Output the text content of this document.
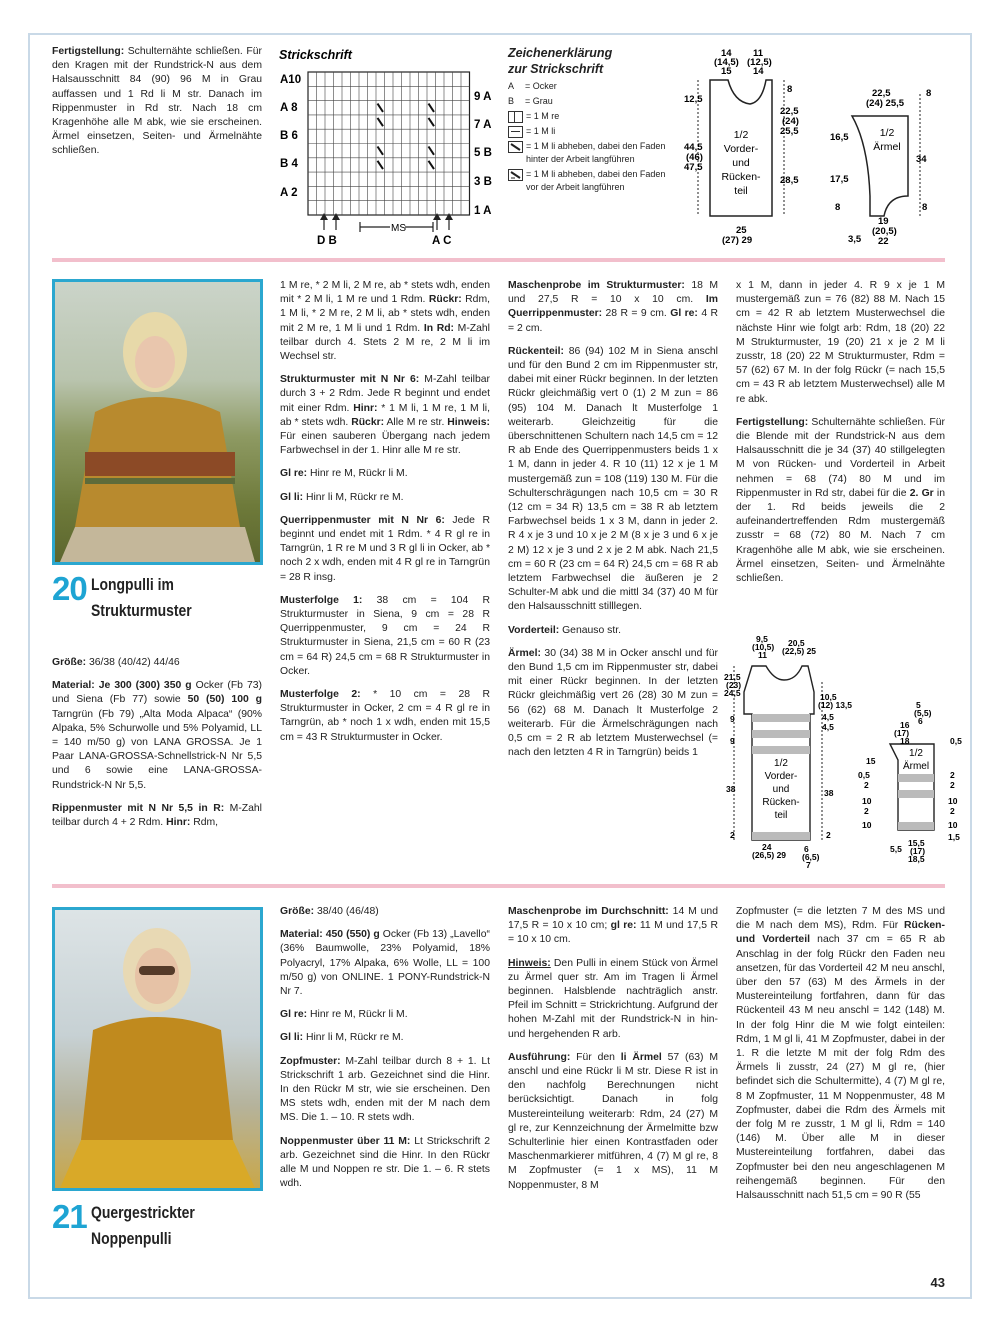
Fertigstellung: Schulternähte schließen. Für den Kragen mit der Rundstrick-N aus dem Halsausschnitt 84 (90) 96 M in Grau auffassen und 1 Rd li M str. Danach im Rippenmuster in Rd str. Nach 18 cm Kragenhöhe alle M abk, wie sie erscheinen. Ärmel einsetzen, Seiten- und Ärmelnähte schließen.

Strickschrift
A10
A 8
B 6
B 4
A 2
9 A
7 A
5 B
3 B
1 A
D B
MS
A C
Zeichenerklärung
zur Strickschrift
A	= Ocker
B	= Grau
= 1 M re
= 1 M li
= 1 M li abheben, dabei den Faden hinter der Arbeit langführen
= 1 M li abheben, dabei den Faden vor der Arbeit langführen
14
(14,5)
15
11
(12,5)
14
12,5
44,5
(46)
47,5
8
22,5
(24)
25,5
28,5
1/2
Vorder-
und
Rücken-
teil
25
(27) 29
22,5
(24) 25,5
16,5
17,5
8
3,5
8
34
8
1/2
Ärmel
19
(20,5)
22
20 Longpulli im
Strukturmuster

Größe: 36/38 (40/42) 44/46

Material: Je 300 (300) 350 g Ocker (Fb 73) und Siena (Fb 77) sowie 50 (50) 100 g Tarngrün (Fb 79) „Alta Moda Alpaca“ (90% Alpaka, 5% Schurwolle und 5% Polyamid, LL = 140 m/50 g) von LANA GROSSA. Je 1 Paar LANA-GROSSA-Schnellstrick-N Nr 5,5 und 6 sowie eine LANA-GROSSA-Rundstrick-N Nr 5,5.

Rippenmuster mit N Nr 5,5 in R: M-Zahl teilbar durch 4 + 2 Rdm. Hinr: Rdm,

1 M re, * 2 M li, 2 M re, ab * stets wdh, enden mit * 2 M li, 1 M re und 1 Rdm. Rückr: Rdm, 1 M li, * 2 M re, 2 M li, ab * stets wdh, enden mit 2 M re, 1 M li und 1 Rdm. In Rd: M-Zahl teilbar durch 4. Stets 2 M re, 2 M li im Wechsel str.

Strukturmuster mit N Nr 6: M-Zahl teilbar durch 3 + 2 Rdm. Jede R beginnt und endet mit einer Rdm. Hinr: * 1 M li, 1 M re, 1 M li, ab * stets wdh. Rückr: Alle M re str. Hinweis: Für einen sauberen Übergang nach jedem Farbwechsel in der 1. Hinr alle M re str.

Gl re: Hinr re M, Rückr li M.

Gl li: Hinr li M, Rückr re M.

Querrippenmuster mit N Nr 6: Jede R beginnt und endet mit 1 Rdm. * 4 R gl re in Tarngrün, 1 R re M und 3 R gl li in Ocker, ab * noch 2 x wdh, enden mit 4 R gl re in Tarngrün = 28 R insg.

Musterfolge 1: 38 cm = 104 R Strukturmuster in Siena, 9 cm = 28 R Querrippenmuster, 9 cm = 24 R Strukturmuster in Siena, 21,5 cm = 60 R (23 cm = 64 R) 24,5 cm = 68 R Strukturmuster in Ocker.

Musterfolge 2: * 10 cm = 28 R Strukturmuster in Ocker, 2 cm = 4 R gl re in Tarngrün, ab * noch 1 x wdh, enden mit 15,5 cm = 43 R Strukturmuster in Ocker.

Maschenprobe im Strukturmuster: 18 M und 27,5 R = 10 x 10 cm. Im Querrippenmuster: 28 R = 9 cm. Gl re: 4 R = 2 cm.

Rückenteil: 86 (94) 102 M in Siena anschl und für den Bund 2 cm im Rippenmuster str, dabei mit einer Rückr beginnen. In der letzten Rückr gleichmäßig vert 0 (1) 2 M zun = 86 (95) 104 M. Danach lt Musterfolge 1 weiterarb. Gleichzeitig für die überschnittenen Schultern nach 14,5 cm = 12 R ab Ende des Querrippenmusters beids 1 x 1 M, dann in jeder 4. R 10 (11) 12 x je 1 M mustergemäß zun = 108 (119) 130 M. Für die Schulterschrägungen nach 10,5 cm = 30 R (12 cm = 34 R) 13,5 cm = 38 R ab letztem Farbwechsel beids 1 x 3 M, dann in jeder 2. R 4 x je 3 und 10 x je 2 M (8 x je 3 und 6 x je 2 M) 12 x je 3 und 2 x je 2 M abk. Nach 21,5 cm = 60 R (23 cm = 64 R) 24,5 cm = 68 R ab letztem Farbwechsel die äußeren je 2 Schulter-M abk und die mittl 34 (37) 40 M für den Halsausschnitt stilllegen.

Vorderteil: Genauso str.

Ärmel: 30 (34) 38 M in Ocker anschl und für den Bund 1,5 cm im Rippenmuster str, dabei mit einer Rückr beginnen. In der letzten Rückr gleichmäßig vert 26 (28) 30 M zun = 56 (62) 68 M. Danach lt Musterfolge 2 weiterarb. Für die Ärmelschrägungen nach 0,5 cm = 2 R ab letztem Musterwechsel (= nach den letzten 4 R in Tarngrün) beids 1

x 1 M, dann in jeder 4. R 9 x je 1 M mustergemäß zun = 76 (82) 88 M. Nach 15 cm = 42 R ab letztem Musterwechsel die nächste Hinr wie folgt arb: Rdm, 18 (20) 22 M Strukturmuster, 19 (20) 21 x je 2 M li zusstr, 18 (20) 22 M Strukturmuster, Rdm = 57 (62) 67 M. In der folg Rückr (= nach 15,5 cm = 43 R ab letztem Musterwechsel) alle M re abk.

Fertigstellung: Schulternähte schließen. Für die Blende mit der Rundstrick-N aus dem Halsausschnitt die je 34 (37) 40 stillgelegten M von Rücken- und Vorderteil in Arbeit nehmen = 68 (74) 80 M und im Rippenmuster in Rd str, dabei für die 2. Gr in der 1. Rd beids jeweils die 2 aufeinandertreffenden Rdm mustergemäß zusstr = 68 (72) 80 M. Nach 7 cm Kragenhöhe alle M abk, wie sie erscheinen. Ärmel einsetzen, Seiten- und Ärmelnähte schließen.

9,5
(10,5)
11
20,5
(22,5) 25
21,5
(23)
24,5
9
9
38
2
10,5
(12) 13,5
4,5
4,5
38
2
1/2
Vorder-
und
Rücken-
teil
24
(26,5) 29
6
(6,5)
7
5
(5,5)
6
16
(17)
18
1/2
Ärmel
15
0,5
2
10
2
10
5,5
0,5
2
2
10
2
10
1,5
15,5
(17)
18,5
21 Quergestrickter
Noppenpulli

Größe: 38/40 (46/48)

Material: 450 (550) g Ocker (Fb 13) „Lavello“ (36% Baumwolle, 23% Polyamid, 18% Polyacryl, 17% Alpaka, 6% Wolle, LL = 100 m/50 g) von ONLINE. 1 PONY-Rundstrick-N Nr 7.

Gl re: Hinr re M, Rückr li M.

Gl li: Hinr li M, Rückr re M.

Zopfmuster: M-Zahl teilbar durch 8 + 1. Lt Strickschrift 1 arb. Gezeichnet sind die Hinr. In den Rückr M str, wie sie erscheinen. Den MS stets wdh, enden mit der M nach dem MS. Die 1. – 10. R stets wdh.

Noppenmuster über 11 M: Lt Strickschrift 2 arb. Gezeichnet sind die Hinr. In den Rückr alle M und Noppen re str. Die 1. – 6. R stets wdh.

Maschenprobe im Durchschnitt: 14 M und 17,5 R = 10 x 10 cm; gl re: 11 M und 17,5 R = 10 x 10 cm.

Hinweis: Den Pulli in einem Stück von Ärmel zu Ärmel quer str. Am im Tragen li Ärmel beginnen. Halsblende nachträglich anstr. Pfeil im Schnitt = Strickrichtung. Aufgrund der hohen M-Zahl mit der Rundstrick-N in hin- und hergehenden R arb.

Ausführung: Für den li Ärmel 57 (63) M anschl und eine Rückr li M str. Diese R ist in den nachfolg Berechnungen nicht berücksichtigt. Danach in folg Mustereinteilung weiterarb: Rdm, 24 (27) M gl re, zur Kennzeichnung der Ärmelmitte bzw Schulterlinie hier einen Kontrastfaden oder Maschenmarkierer mitführen, 4 (7) M gl re, 8 M Zopfmuster (= 1 x MS), 11 M Noppenmuster, 8 M

Zopfmuster (= die letzten 7 M des MS und die M nach dem MS), Rdm. Für Rücken- und Vorderteil nach 37 cm = 65 R ab Anschlag in der folg Rückr den Faden neu ansetzen, für das Vorderteil 42 M neu anschl, über den 57 (63) M des Ärmels in der Mustereinteilung fortfahren, dann für das Rückenteil 43 M neu anschl = 142 (148) M. In der folg Hinr die M wie folgt einteilen: Rdm, 1 M gl li, 41 M Zopfmuster, dabei in der 1. R die letzte M mit der folg Rdm des Ärmels li zusstr, 24 (27) M gl re, (hier befindet sich die Schultermitte), 4 (7) M gl re, 8 M Zopfmuster, 11 M Noppenmuster, 48 M Zopfmuster, dabei die Rdm des Ärmels mit der folg M re zusstr, 1 M gl li, Rdm = 140 (146) M. Über alle M in dieser Mustereinteilung fortfahren, dabei das Zopfmuster bei den neu angeschlagenen M reihengemäß beginnen. Für den Halsausschnitt nach 51,5 cm = 90 R (55

43
